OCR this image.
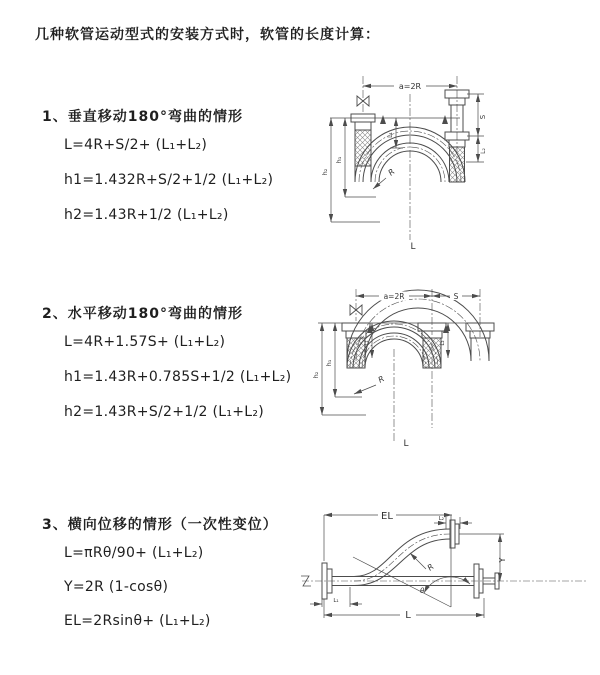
几种软管运动型式的安装方式时，软管的长度计算：
1、垂直移动180°弯曲的情形
L=4R+S/2+ (L₁+L₂)
h1=1.432R+S/2+1/2 (L₁+L₂)
h2=1.43R+1/2 (L₁+L₂)
2、水平移动180°弯曲的情形
L=4R+1.57S+ (L₁+L₂)
h1=1.43R+0.785S+1/2 (L₁+L₂)
h2=1.43R+S/2+1/2 (L₁+L₂)
3、横向位移的情形（一次性变位）
L=πRθ/90+ (L₁+L₂)
Y=2R (1-cosθ)
EL=2Rsinθ+ (L₁+L₂)
a=2R
S
L₂
L₁
h₁
h₂	R
L
a=2R	S
h₁
h₂
L₁	L₂
R
L
EL	L₂
Y
L₁
L
R
θ
